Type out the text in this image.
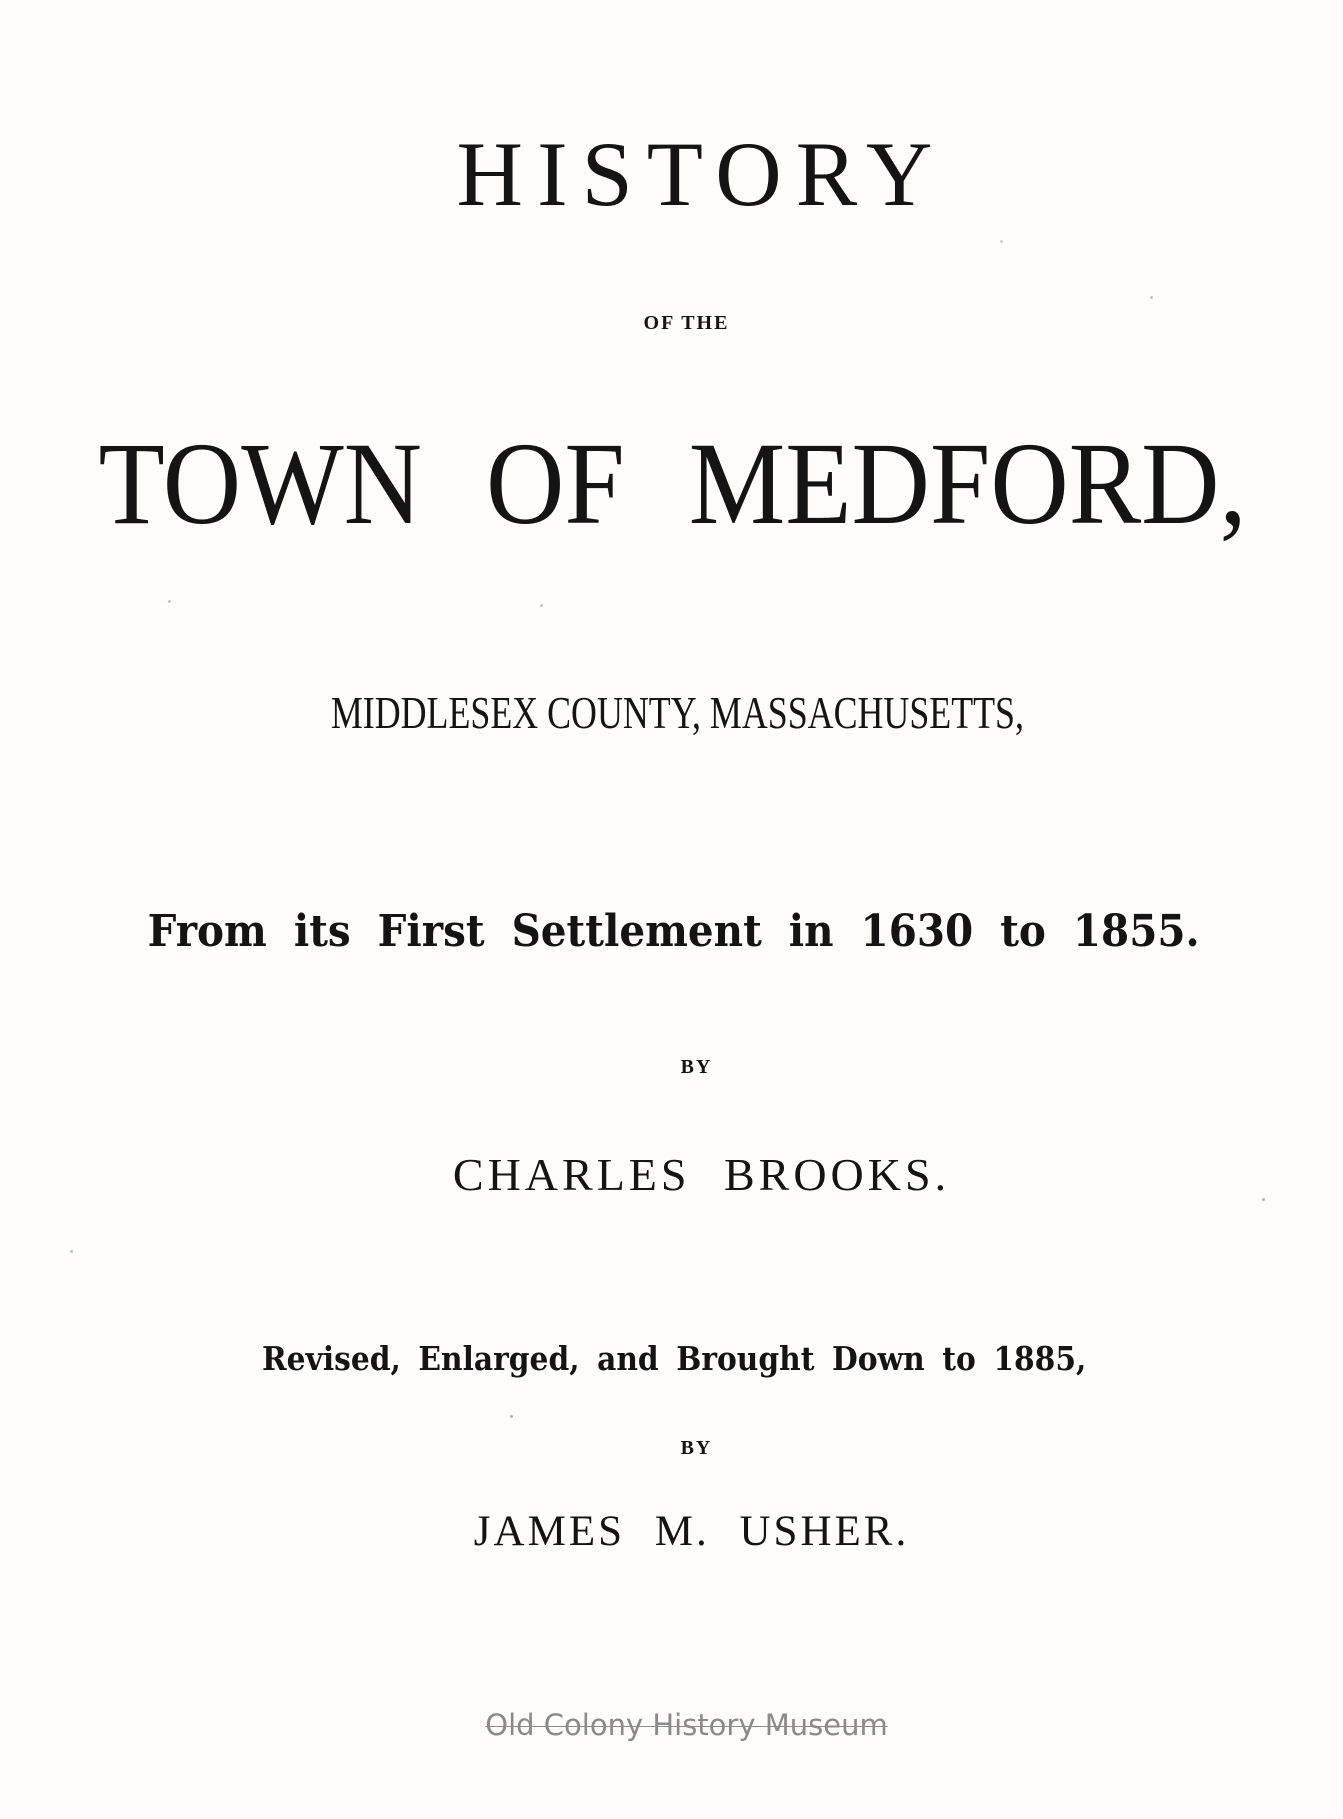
HISTORY
OF THE
TOWN OF MEDFORD,
MIDDLESEX COUNTY, MASSACHUSETTS,
From its First Settlement in 1630 to 1855.
BY
CHARLES BROOKS.
Revised, Enlarged, and Brought Down to 1885,
BY
JAMES M. USHER.
Old Colony History Museum
